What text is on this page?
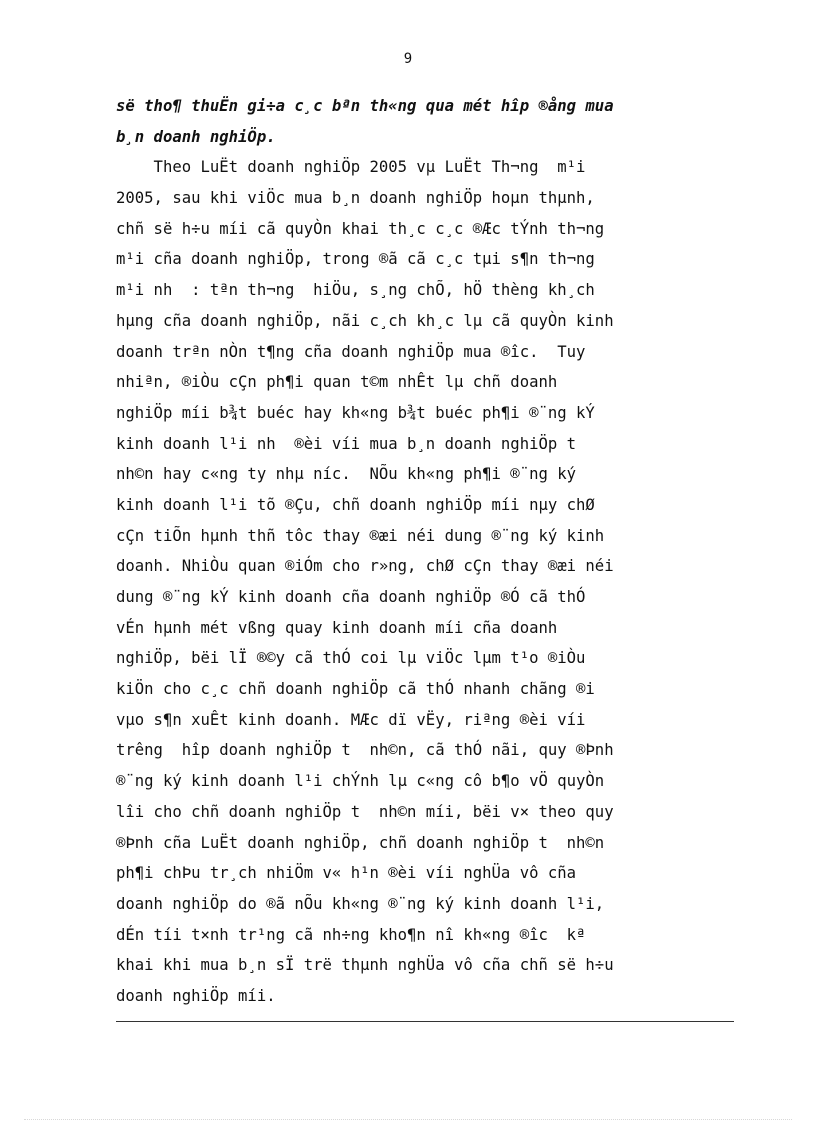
9
së tho¶ thuËn gi÷a c¸c bªn th«ng qua mét hîp ®ång mua
b¸n doanh nghiÖp.
Theo LuËt doanh nghiÖp 2005 vµ LuËt Th¬ng  m¹i
2005, sau khi viÖc mua b¸n doanh nghiÖp hoµn thµnh,
chñ së h÷u míi cã quyÒn khai th¸c c¸c ®Æc tÝnh th¬ng
m¹i cña doanh nghiÖp, trong ®ã cã c¸c tµi s¶n th¬ng
m¹i nh  : tªn th¬ng  hiÖu, s¸ng chÕ, hÖ thèng kh¸ch
hµng cña doanh nghiÖp, nãi c¸ch kh¸c lµ cã quyÒn kinh
doanh trªn nÒn t¶ng cña doanh nghiÖp mua ®îc.  Tuy
nhiªn, ®iÒu cÇn ph¶i quan t©m nhÊt lµ chñ doanh
nghiÖp míi b¾t buéc hay kh«ng b¾t buéc ph¶i ®¨ng kÝ
kinh doanh l¹i nh  ®èi víi mua b¸n doanh nghiÖp t
nh©n hay c«ng ty nhµ níc.  NÕu kh«ng ph¶i ®¨ng ký
kinh doanh l¹i tõ ®Çu, chñ doanh nghiÖp míi nµy chØ
cÇn tiÕn hµnh thñ tôc thay ®æi néi dung ®¨ng ký kinh
doanh. NhiÒu quan ®iÓm cho r»ng, chØ cÇn thay ®æi néi
dung ®¨ng kÝ kinh doanh cña doanh nghiÖp ®Ó cã thÓ
vÉn hµnh mét vßng quay kinh doanh míi cña doanh
nghiÖp, bëi lÏ ®©y cã thÓ coi lµ viÖc lµm t¹o ®iÒu
kiÖn cho c¸c chñ doanh nghiÖp cã thÓ nhanh chãng ®i
vµo s¶n xuÊt kinh doanh. MÆc dï vËy, riªng ®èi víi
trêng  hîp doanh nghiÖp t  nh©n, cã thÓ nãi, quy ®Þnh
®¨ng ký kinh doanh l¹i chÝnh lµ c«ng cô b¶o vÖ quyÒn
lîi cho chñ doanh nghiÖp t  nh©n míi, bëi v× theo quy
®Þnh cña LuËt doanh nghiÖp, chñ doanh nghiÖp t  nh©n
ph¶i chÞu tr¸ch nhiÖm v« h¹n ®èi víi nghÜa vô cña
doanh nghiÖp do ®ã nÕu kh«ng ®¨ng ký kinh doanh l¹i,
dÉn tíi t×nh tr¹ng cã nh÷ng kho¶n nî kh«ng ®îc  kª
khai khi mua b¸n sÏ trë thµnh nghÜa vô cña chñ së h÷u
doanh nghiÖp míi.
